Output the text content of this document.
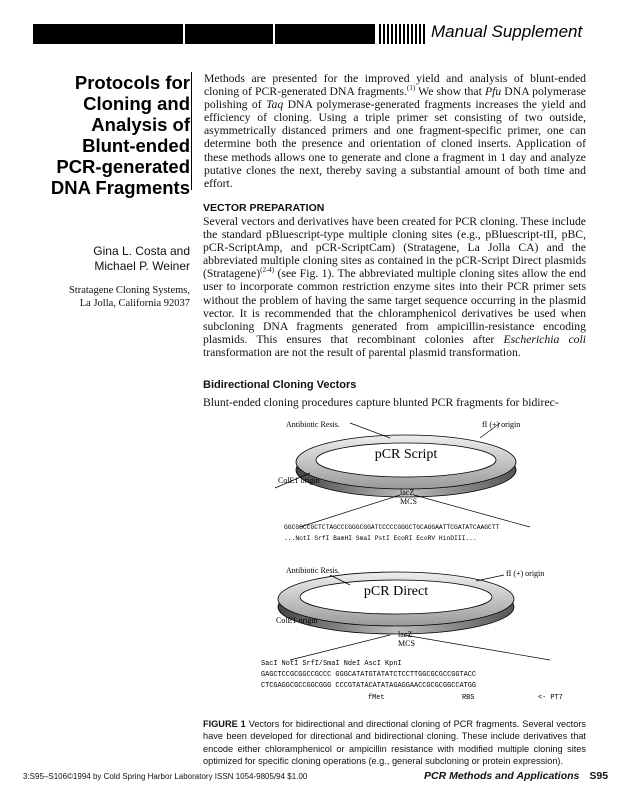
Manual Supplement
Protocols for
Cloning and
Analysis of
Blunt-ended
PCR-generated
DNA Fragments
Gina L. Costa and
Michael P. Weiner
Stratagene Cloning Systems,
La Jolla, California 92037

Methods are presented for the improved yield and analysis of blunt-ended cloning of PCR-generated DNA fragments.$^{(1)}$ We show that Pfu DNA polymerase polishing of Taq DNA polymerase-generated fragments increases the yield and efficiency of cloning. Using a triple primer set consisting of two outside, asymmetrically distanced primers and one fragment-specific primer, one can determine both the presence and orientation of cloned inserts. Application of these methods allows one to generate and clone a fragment in 1 day and analyze putative clones the next, thereby saving a substantial amount of both time and effort.

VECTOR PREPARATION

Several vectors and derivatives have been created for PCR cloning. These include the standard pBluescript-type multiple cloning sites (e.g., pBluescript-tII, pBC, pCR-ScriptAmp, and pCR-ScriptCam) (Stratagene, La Jolla CA) and the abbreviated multiple cloning sites as contained in the pCR-Script Direct plasmids (Stratagene)$^{(2-4)}$ (see Fig. 1). The abbreviated multiple cloning sites allow the end user to incorporate common restriction enzyme sites into their PCR primer sets without the problem of having the same target sequence occurring in the plasmid vector. It is recommended that the chloramphenicol derivatives be used when subcloning DNA fragments generated from ampicillin-resistance encoding plasmids. This ensures that recombinant colonies after Escherichia coli transformation are not the result of parental plasmid transformation.

Bidirectional Cloning Vectors

Blunt-ended cloning procedures capture blunted PCR fragments for bidirec-

pCR Script
Antibiotic Resis.	fI (+) origin
ColE1 origin
lacZ
MCS
GGCGGCCGCTCTAGCCCGGGCGGATCCCCCGGGCTGCAGGAATTCGATATCAAGCTT
...NotI SrfI BamHI SmaI PstI EcoRI EcoRV HinDIII...
pCR Direct
Antibiotic Resis.	fI (+) origin
ColE1 origin
lacZ
MCS
SacI NotI SrfI/SmaI NdeI AscI KpnI
GAGCTCCGCGGCCGCCC GGGCATATGTATATCTCCTTGGCGCGCCGGTACC
CTCGAGGCGCCGGCGGG CCCGTATACATATAGAGGAACCGCGCGGCCATGG
fMet	RBS	<- PT7
FIGURE 1 Vectors for bidirectional and directional cloning of PCR fragments. Several vectors have been developed for directional and bidirectional cloning. These include derivatives that encode either chloramphenicol or ampicillin resistance with modified multiple cloning sites optimized for specific cloning operations (e.g., general subcloning or protein expression).
3:S95–S106©1994 by Cold Spring Harbor Laboratory ISSN 1054-9805/94 $1.00	PCR Methods and Applications S95
